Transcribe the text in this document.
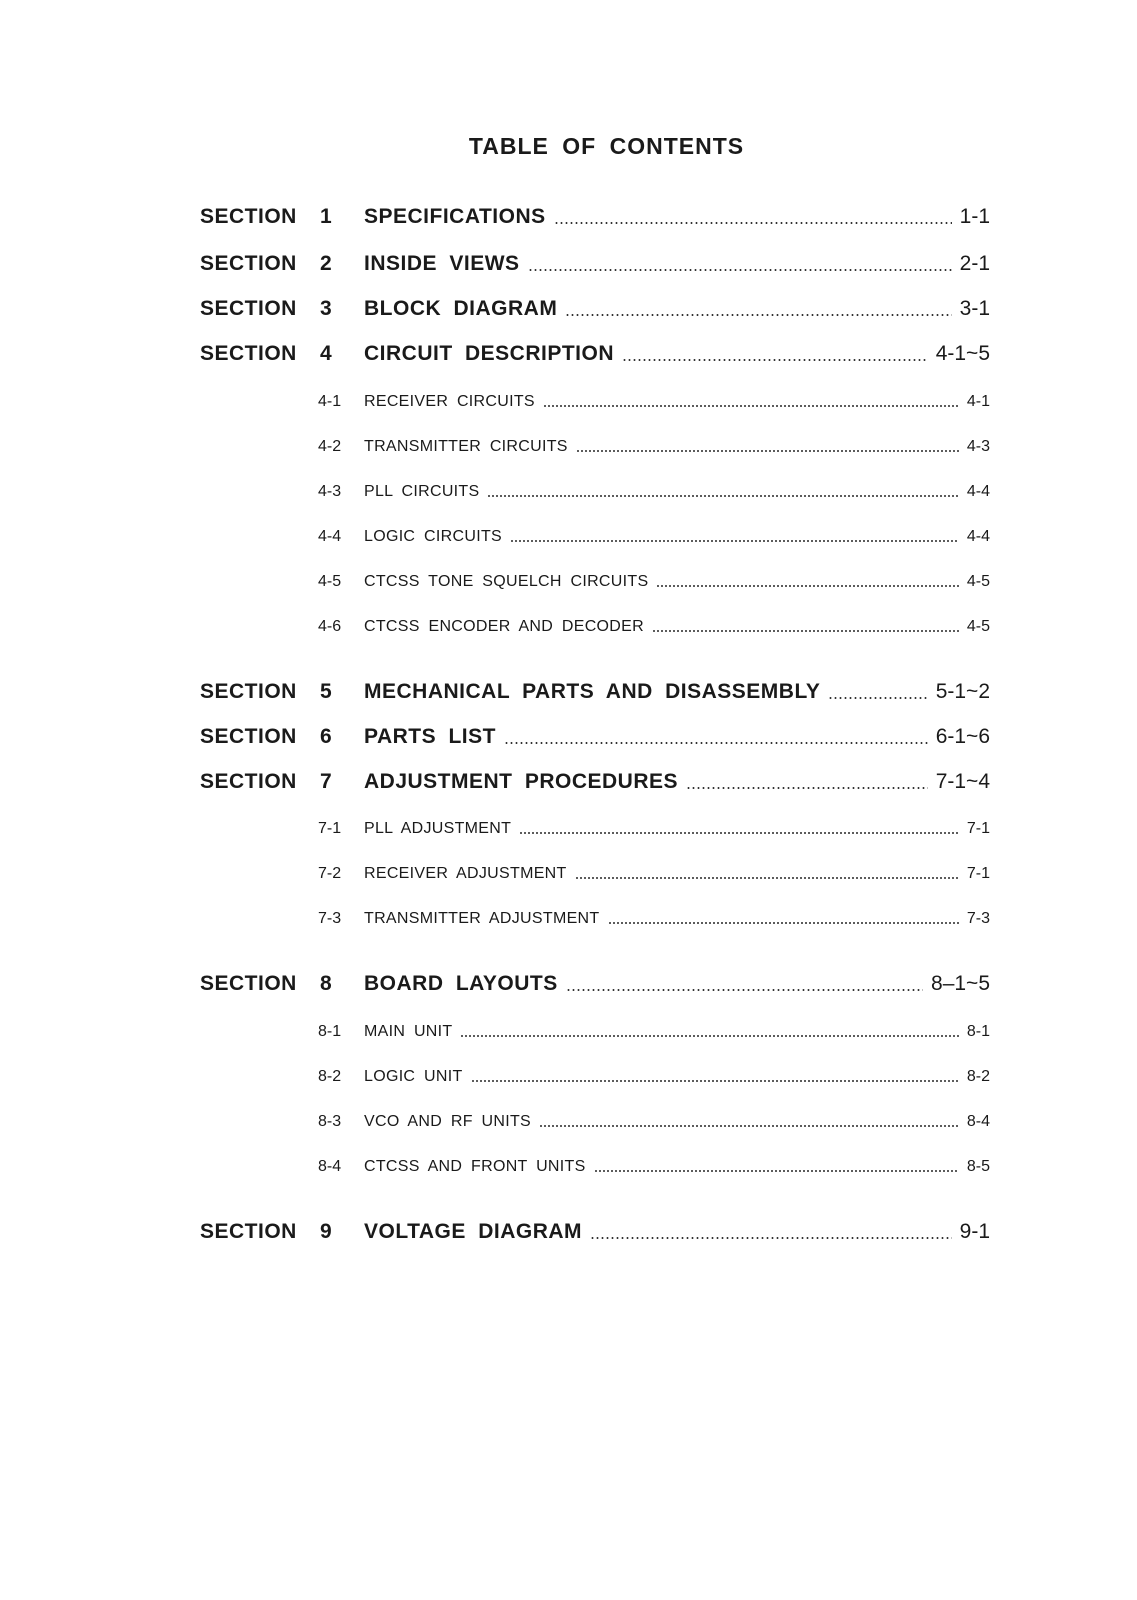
TABLE OF CONTENTS
SECTION 1 SPECIFICATIONS	1-1
SECTION 2 INSIDE VIEWS	2-1
SECTION 3 BLOCK DIAGRAM	3-1
SECTION 4 CIRCUIT DESCRIPTION	4-1~5
4-1 RECEIVER CIRCUITS	4-1
4-2 TRANSMITTER CIRCUITS	4-3
4-3 PLL CIRCUITS	4-4
4-4 LOGIC CIRCUITS	4-4
4-5 CTCSS TONE SQUELCH CIRCUITS	4-5
4-6 CTCSS ENCODER AND DECODER	4-5
SECTION 5 MECHANICAL PARTS AND DISASSEMBLY	5-1~2
SECTION 6 PARTS LIST	6-1~6
SECTION 7 ADJUSTMENT PROCEDURES	7-1~4
7-1 PLL ADJUSTMENT	7-1
7-2 RECEIVER ADJUSTMENT	7-1
7-3 TRANSMITTER ADJUSTMENT	7-3
SECTION 8 BOARD LAYOUTS	8–1~5
8-1 MAIN UNIT	8-1
8-2 LOGIC UNIT	8-2
8-3 VCO AND RF UNITS	8-4
8-4 CTCSS AND FRONT UNITS	8-5
SECTION 9 VOLTAGE DIAGRAM	9-1
